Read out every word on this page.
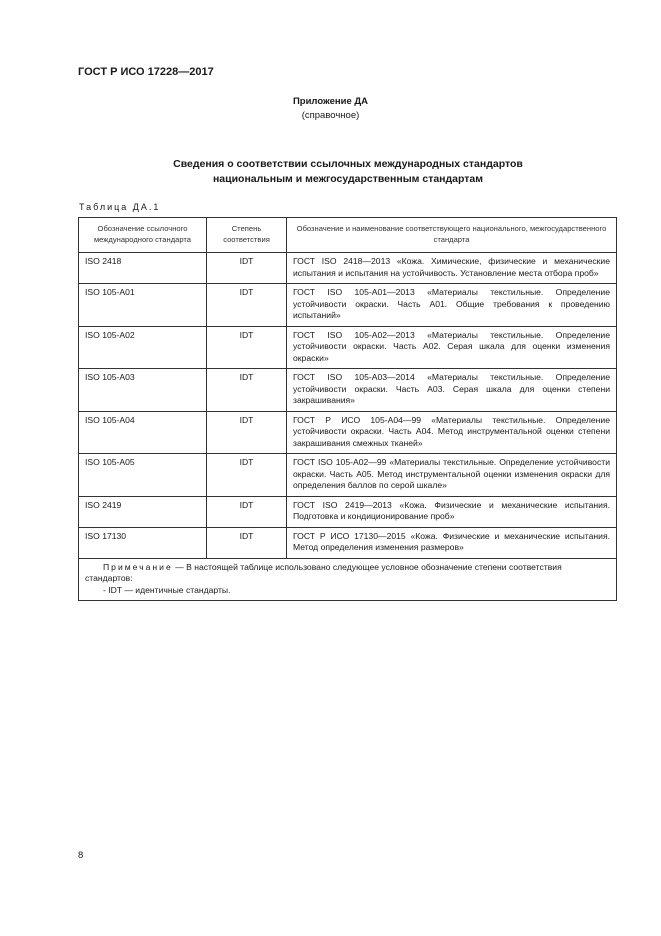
ГОСТ Р ИСО 17228—2017
Приложение ДА
(справочное)
Сведения о соответствии ссылочных международных стандартов
национальным и межгосударственным стандартам
Таблица ДА.1
Обозначение ссылочного международного стандарта	Степень соответствия	Обозначение и наименование соответствующего национального, межгосударственного стандарта
ISO 2418	IDT	ГОСТ ISO 2418—2013 «Кожа. Химические, физические и механические испытания и испытания на устойчивость. Установление места отбора проб»
ISO 105-A01	IDT	ГОСТ ISO 105-A01—2013 «Материалы текстильные. Определение устойчивости окраски. Часть A01. Общие требования к проведению испытаний»
ISO 105-A02	IDT	ГОСТ ISO 105-A02—2013 «Материалы текстильные. Определение устойчивости окраски. Часть A02. Серая шкала для оценки изменения окраски»
ISO 105-A03	IDT	ГОСТ ISO 105-A03—2014 «Материалы текстильные. Определение устойчивости окраски. Часть A03. Серая шкала для оценки степени закрашивания»
ISO 105-A04	IDT	ГОСТ Р ИСО 105-A04—99 «Материалы текстильные. Определение устойчивости окраски. Часть A04. Метод инструментальной оценки степени закрашивания смежных тканей»
ISO 105-A05	IDT	ГОСТ ISO 105-A02—99 «Материалы текстильные. Определение устойчивости окраски. Часть A05. Метод инструментальной оценки изменения окраски для определения баллов по серой шкале»
ISO 2419	IDT	ГОСТ ISO 2419—2013 «Кожа. Физические и механические испытания. Подготовка и кондиционирование проб»
ISO 17130	IDT	ГОСТ Р ИСО 17130—2015 «Кожа. Физические и механические испытания. Метод определения изменения размеров»

Примечание — В настоящей таблице использовано следующее условное обозначение степени соответствия стандартов:

- IDT — идентичные стандарты.		

8
